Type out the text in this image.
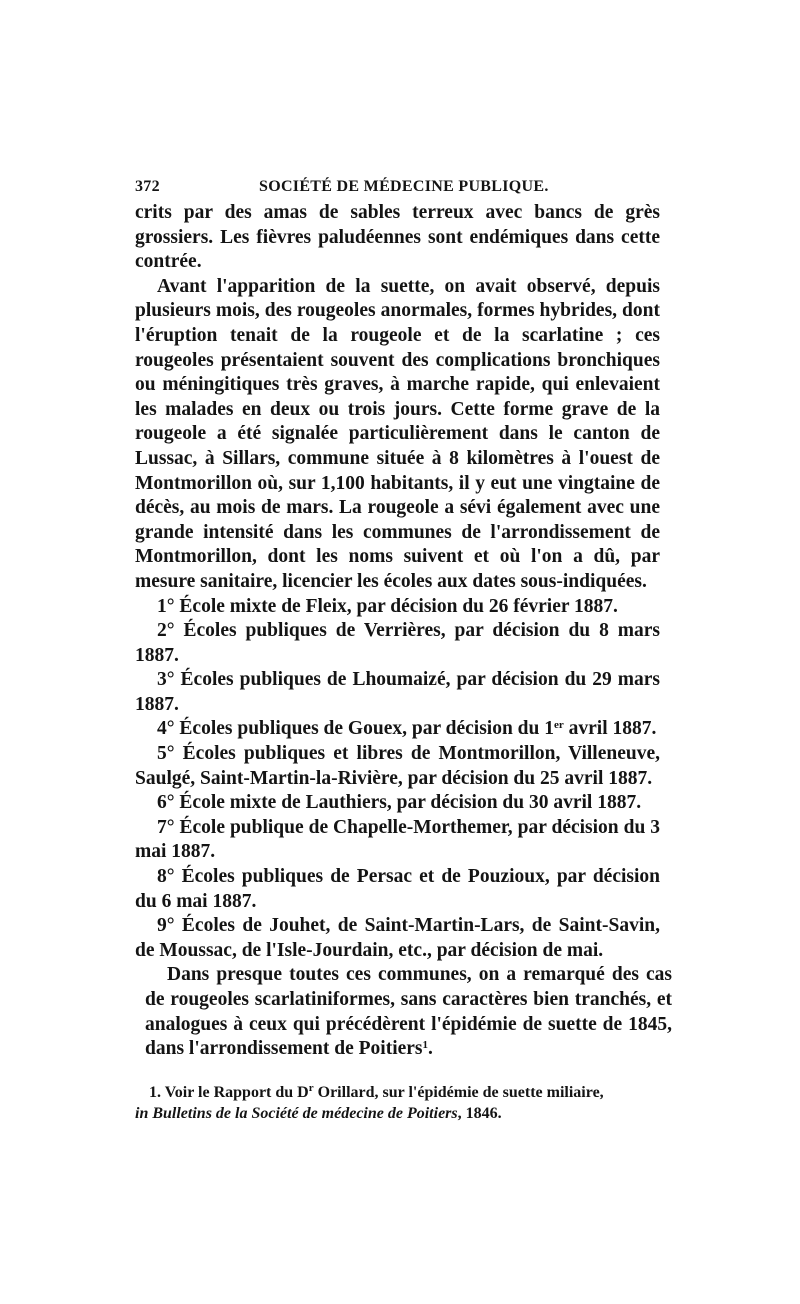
372	SOCIÉTÉ DE MÉDECINE PUBLIQUE.

crits par des amas de sables terreux avec bancs de grès grossiers. Les fièvres paludéennes sont endémiques dans cette contrée.

Avant l'apparition de la suette, on avait observé, depuis plusieurs mois, des rougeoles anormales, formes hybrides, dont l'éruption tenait de la rougeole et de la scarlatine ; ces rougeoles présentaient souvent des complications bronchiques ou méningitiques très graves, à marche rapide, qui enlevaient les malades en deux ou trois jours. Cette forme grave de la rougeole a été signalée particulièrement dans le canton de Lussac, à Sillars, commune située à 8 kilomètres à l'ouest de Montmorillon où, sur 1,100 habitants, il y eut une vingtaine de décès, au mois de mars. La rougeole a sévi également avec une grande intensité dans les communes de l'arrondissement de Montmorillon, dont les noms suivent et où l'on a dû, par mesure sanitaire, licencier les écoles aux dates sous-indiquées.

1° École mixte de Fleix, par décision du 26 février 1887.

2° Écoles publiques de Verrières, par décision du 8 mars 1887.

3° Écoles publiques de Lhoumaizé, par décision du 29 mars 1887.

4° Écoles publiques de Gouex, par décision du 1er avril 1887.

5° Écoles publiques et libres de Montmorillon, Villeneuve, Saulgé, Saint-Martin-la-Rivière, par décision du 25 avril 1887.

6° École mixte de Lauthiers, par décision du 30 avril 1887.

7° École publique de Chapelle-Morthemer, par décision du 3 mai 1887.

8° Écoles publiques de Persac et de Pouzioux, par décision du 6 mai 1887.

9° Écoles de Jouhet, de Saint-Martin-Lars, de Saint-Savin, de Moussac, de l'Isle-Jourdain, etc., par décision de mai.

Dans presque toutes ces communes, on a remarqué des cas de rougeoles scarlatiniformes, sans caractères bien tranchés, et analogues à ceux qui précédèrent l'épidémie de suette de 1845, dans l'arrondissement de Poitiers$^1$.

1. Voir le Rapport du $D^r$ Orillard, sur l'épidémie de suette miliaire,

in Bulletins de la Société de médecine de Poitiers, 1846.
